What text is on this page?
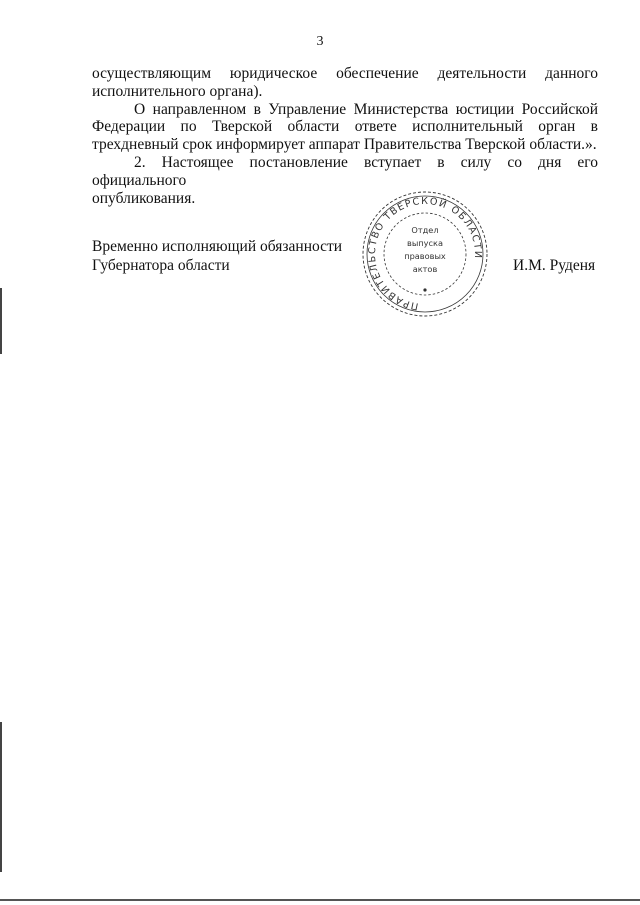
3

осуществляющим юридическое обеспечение деятельности данного
исполнительного органа).

О направленном в Управление Министерства юстиции Российской
Федерации по Тверской области ответе исполнительный орган в
трехдневный срок информирует аппарат Правительства Тверской области.».

2. Настоящее постановление вступает в силу со дня его официального
опубликования.

Временно исполняющий обязанности
Губернатора области
ПРАВИТЕЛЬСТВО ТВЕРСКОЙ ОБЛАСТИ
Отдел
выпуска
правовых
актов	И.М. Руденя
